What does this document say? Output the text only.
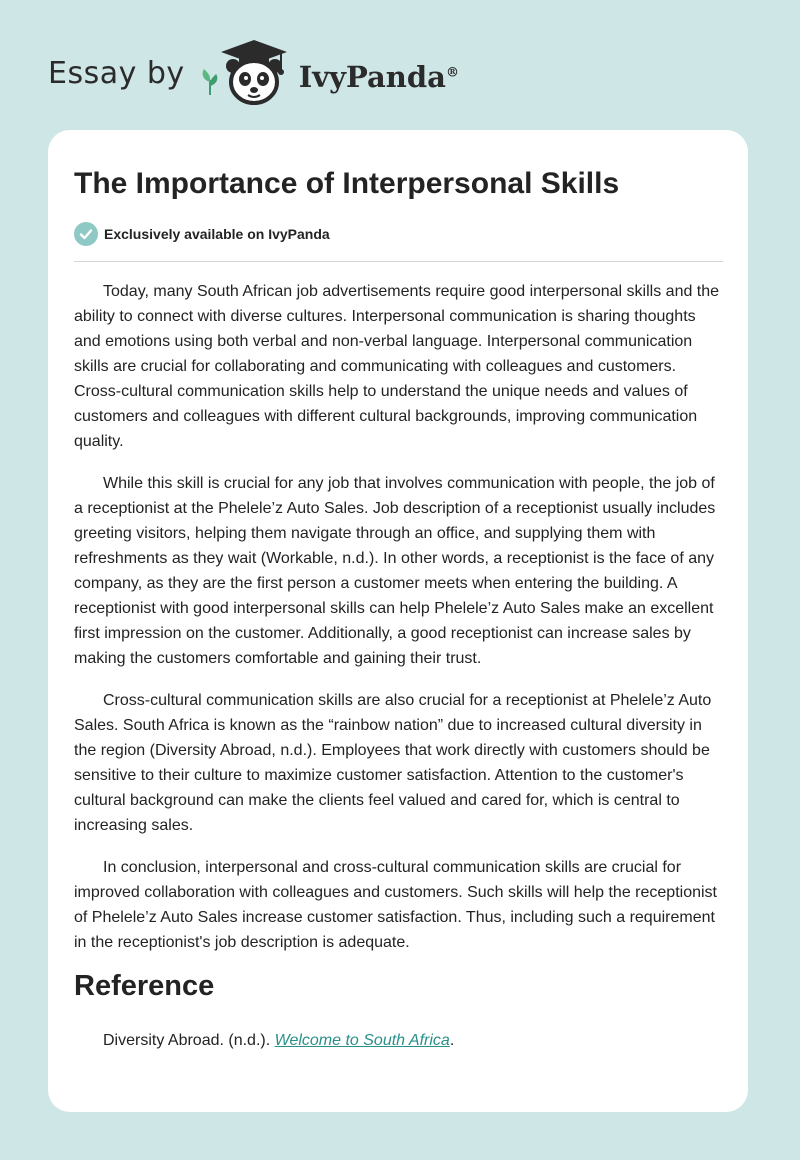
Essay by	IvyPanda®
The Importance of Interpersonal Skills
Exclusively available on IvyPanda

Today, many South African job advertisements require good interpersonal skills and the ability to connect with diverse cultures. Interpersonal communication is sharing thoughts and emotions using both verbal and non-verbal language. Interpersonal communication skills are crucial for collaborating and communicating with colleagues and customers. Cross-cultural communication skills help to understand the unique needs and values of customers and colleagues with different cultural backgrounds, improving communication quality.

While this skill is crucial for any job that involves communication with people, the job of a receptionist at the Phelele’z Auto Sales. Job description of a receptionist usually includes greeting visitors, helping them navigate through an office, and supplying them with refreshments as they wait (Workable, n.d.). In other words, a receptionist is the face of any company, as they are the first person a customer meets when entering the building. A receptionist with good interpersonal skills can help Phelele’z Auto Sales make an excellent first impression on the customer. Additionally, a good receptionist can increase sales by making the customers comfortable and gaining their trust.

Cross-cultural communication skills are also crucial for a receptionist at Phelele’z Auto Sales. South Africa is known as the “rainbow nation” due to increased cultural diversity in the region (Diversity Abroad, n.d.). Employees that work directly with customers should be sensitive to their culture to maximize customer satisfaction. Attention to the customer's cultural background can make the clients feel valued and cared for, which is central to increasing sales.

In conclusion, interpersonal and cross-cultural communication skills are crucial for improved collaboration with colleagues and customers. Such skills will help the receptionist of Phelele’z Auto Sales increase customer satisfaction. Thus, including such a requirement in the receptionist's job description is adequate.

Reference
Diversity Abroad. (n.d.). Welcome to South Africa.
